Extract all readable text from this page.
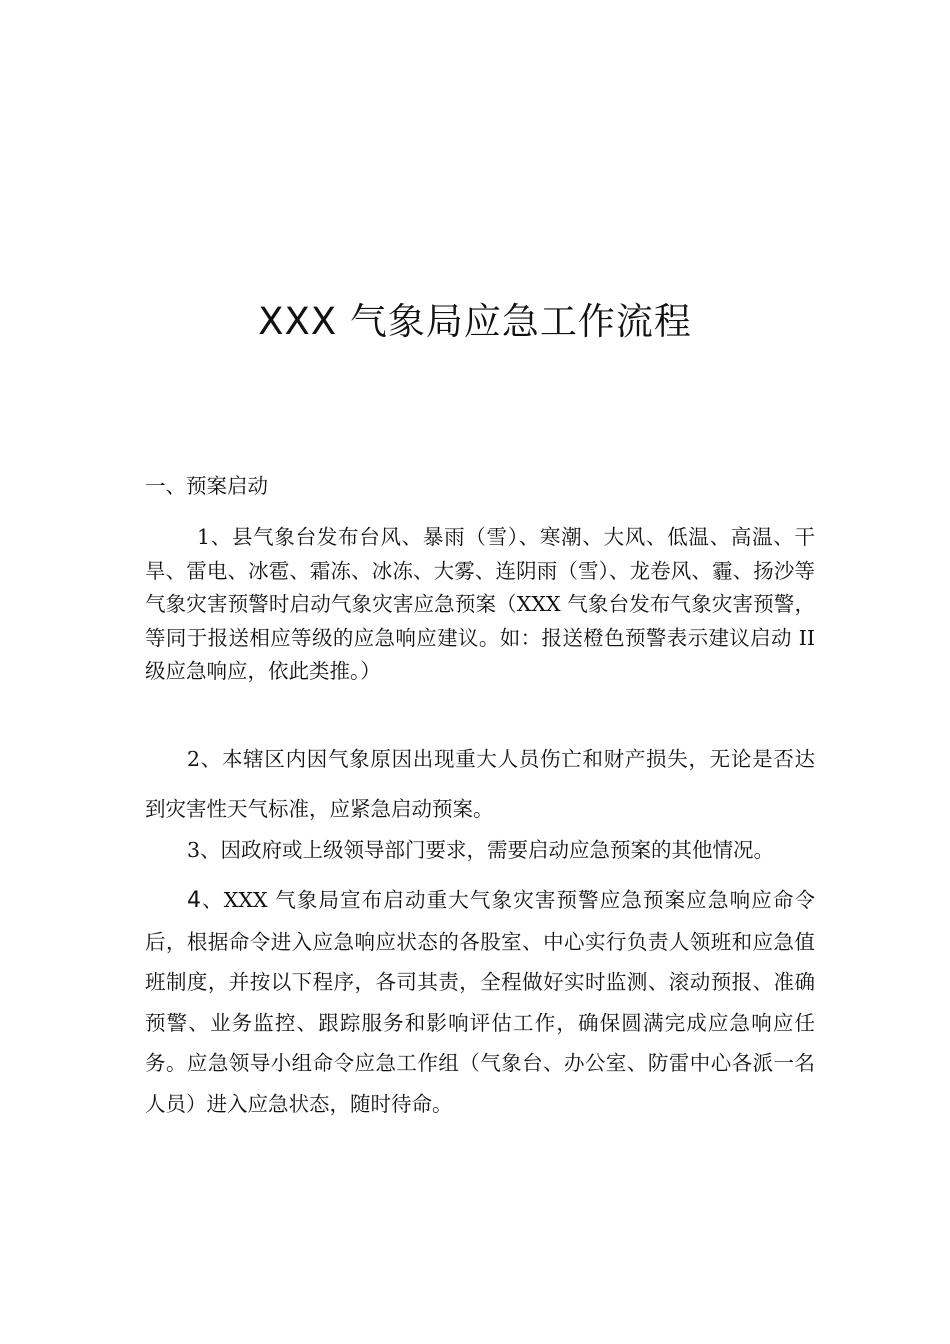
XXX 气象局应急工作流程
一、预案启动

1、县气象台发布台风、暴雨（雪）、寒潮、大风、低温、高温、干旱、雷电、冰雹、霜冻、冰冻、大雾、连阴雨（雪）、龙卷风、霾、扬沙等气象灾害预警时启动气象灾害应急预案（XXX 气象台发布气象灾害预警，等同于报送相应等级的应急响应建议。如：报送橙色预警表示建议启动 II 级应急响应，依此类推。）

2、本辖区内因气象原因出现重大人员伤亡和财产损失，无论是否达到灾害性天气标准，应紧急启动预案。

3、因政府或上级领导部门要求，需要启动应急预案的其他情况。

4、XXX 气象局宣布启动重大气象灾害预警应急预案应急响应命令后，根据命令进入应急响应状态的各股室、中心实行负责人领班和应急值班制度，并按以下程序，各司其责，全程做好实时监测、滚动预报、准确预警、业务监控、跟踪服务和影响评估工作，确保圆满完成应急响应任务。应急领导小组命令应急工作组（气象台、办公室、防雷中心各派一名人员）进入应急状态，随时待命。
